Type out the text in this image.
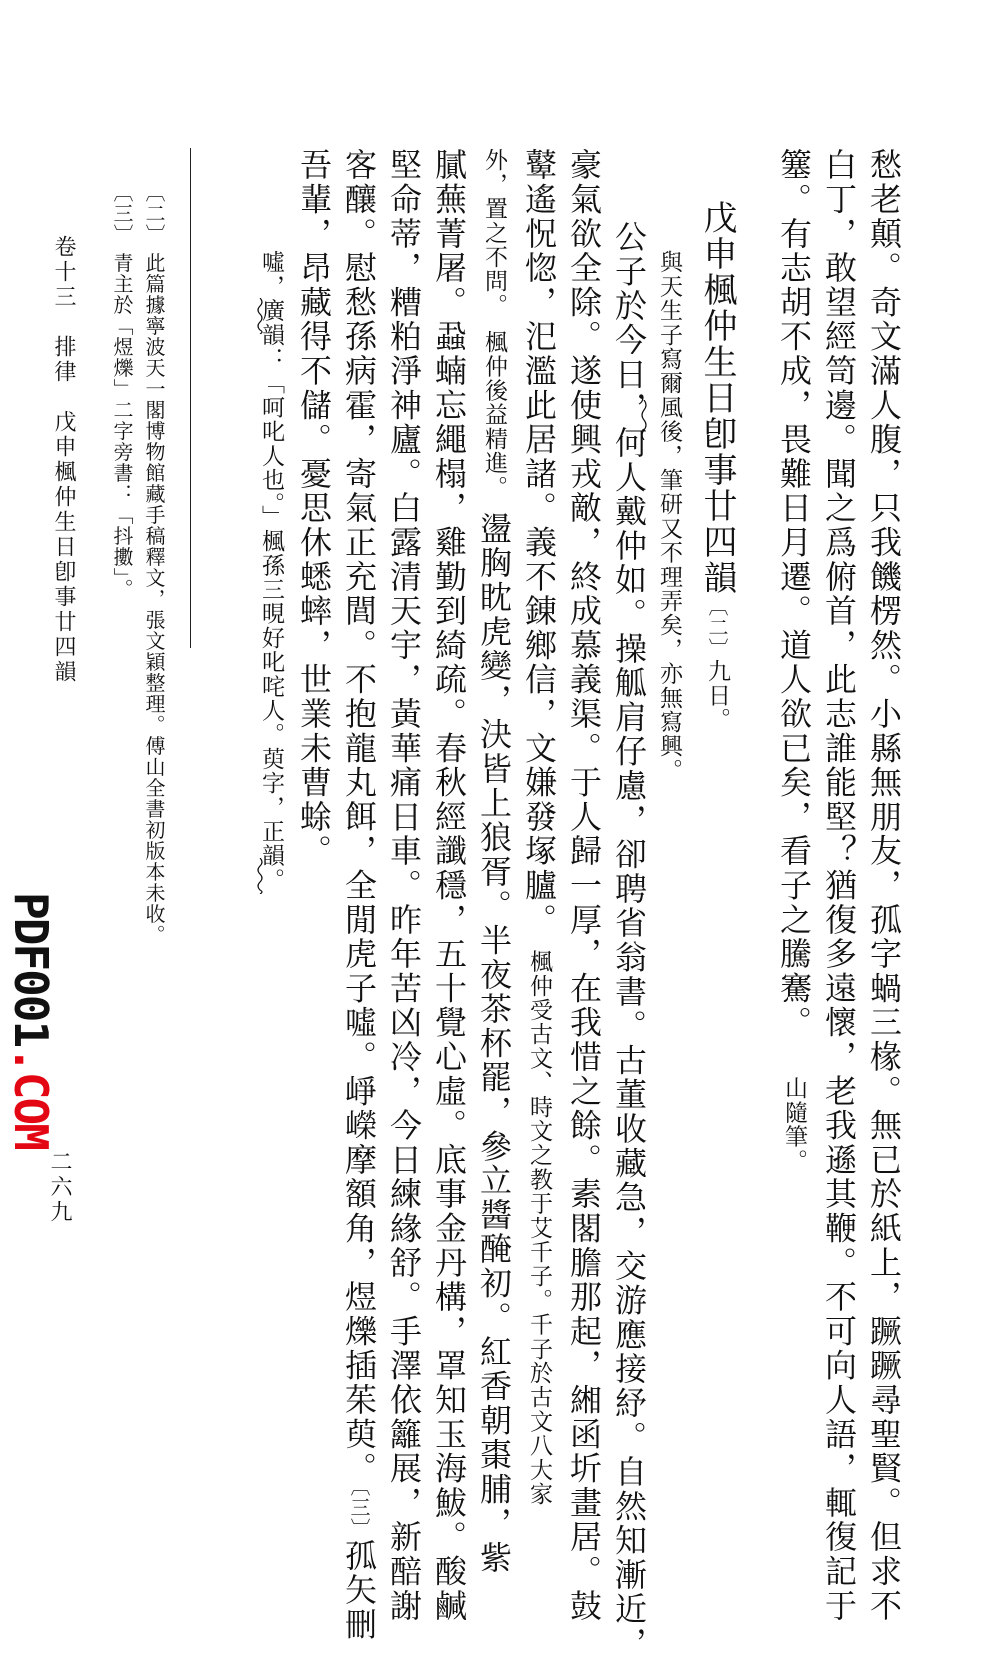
愁老顛。奇文滿人腹，只我饑楞然。小縣無朋友，孤字蝸三椽。無已於紙上，蹶蹶尋聖賢。但求不
白丁，敢望經笥邊。聞之爲俯首，此志誰能堅？猶復多遠懷，老我遜其鞭。不可向人語，輒復記于
簺。有志胡不成，畏難日月遷。道人欲已矣，看子之騰騫。 山隨筆。
戊申楓仲生日卽事廿四韻〔二〕九日。
與天生子寫爾風後，筆研又不理弄矣，亦無寫興。
公子於今日，何人戴仲如。操觚肩仔慮，卻聘省翁書。古董收藏急，交游應接紓。自然知漸近，
豪氣欲全除。遂使興戎敵，終成慕義渠。于人歸一厚，在我惜之餘。素閣膽那起，緗函圻畫居。鼓
鼙遙怳惚，汜濫此居諸。義不錬鄉信，文嫌發塚臚。 楓仲受古文、時文之教于艾千子。千子於古文八大家
外，置之不問。 楓仲後益精進。 盪胸眈虎變，決皆上狼胥。半夜茶杯罷，參立醬醃初。紅香朝棗脯，紫
膩蕪菁屠。蝨蝻忘繩榻，雞勤到綺疏。春秋經讖穩，五十覺心虛。底事金丹構，罩知玉海鮁。酸鹹
堅命蒂，糟粕淨神廬。白露清天宇，黃華痛日車。昨年苦凶冷，今日練緣舒。手澤依籬展，新醅謝
客釀。慰愁孫病霍，寄氣正充閭。不抱龍丸餌，全閒虎子噓。崢嶸摩額角，煜爍插茱萸。〔三〕孤矢刪
吾輩，昂藏得不儲。憂思休蟋蟀，世業未曹蜍。
噓，廣韻：「呵叱人也。」楓孫三晛好叱咤人。萸字，正韻。
〔二〕 此篇據寧波天一閣博物館藏手稿釋文，張文穎整理。傅山全書初版本未收。
〔三〕 青主於「煜爍」二字旁書：「抖擻」。
卷十三　排律　戊申楓仲生日卽事廿四韻
二六九
PDF001.COM
